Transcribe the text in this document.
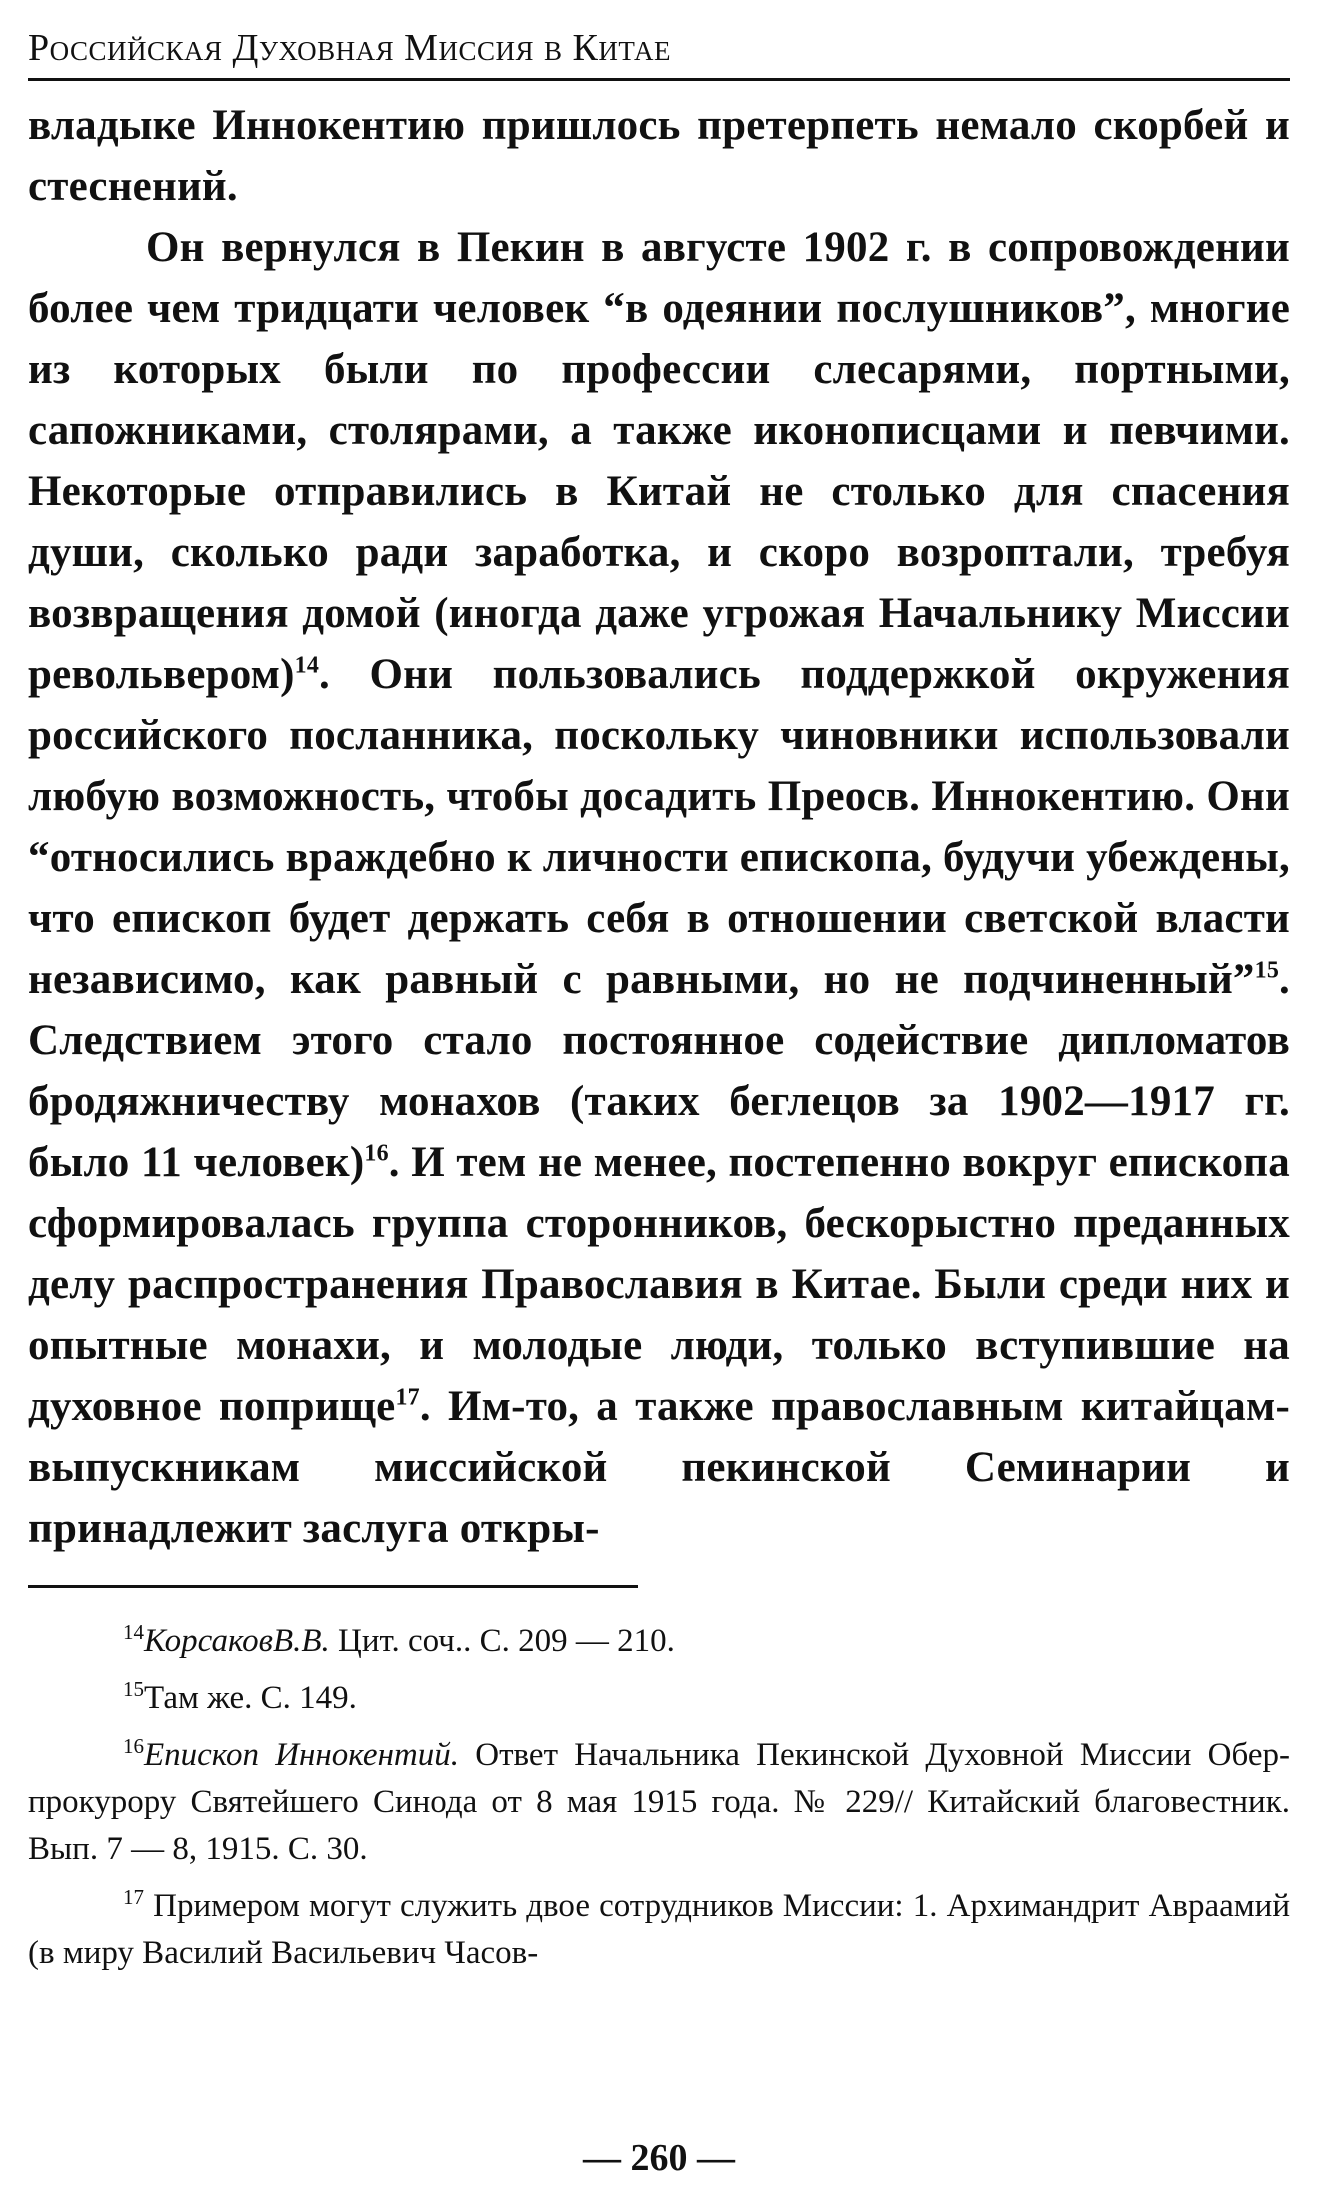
Российская Духовная Миссия в Китае

владыке Иннокентию пришлось претерпеть немало скорбей и стеснений.

Он вернулся в Пекин в августе 1902 г. в сопровождении более чем тридцати человек “в одеянии послушников”, многие из которых были по профессии слесарями, портными, сапожниками, столярами, а также иконописцами и певчими. Некоторые отправились в Китай не столько для спасения души, сколько ради заработка, и скоро возроптали, требуя возвращения домой (иногда даже угрожая Начальнику Миссии револьвером)$^{14}$. Они пользовались поддержкой окружения российского посланника, поскольку чиновники использовали любую возможность, чтобы досадить Преосв. Иннокентию. Они “относились враждебно к личности епископа, будучи убеждены, что епископ будет держать себя в отношении светской власти независимо, как равный с равными, но не подчиненный”$^{15}$. Следствием этого стало постоянное содействие дипломатов бродяжничеству монахов (таких беглецов за 1902—1917 гг. было 11 человек)$^{16}$. И тем не менее, постепенно вокруг епископа сформировалась группа сторонников, бескорыстно преданных делу распространения Православия в Китае. Были среди них и опытные монахи, и молодые люди, только вступившие на духовное поприще$^{17}$. Им-то, а также православным китайцам-выпускникам миссийской пекинской Семинарии и принадлежит заслуга откры-

$^{14}$КорсаковВ.В. Цит. соч.. С. 209 — 210.

$^{15}$Там же. С. 149.

$^{16}$Епископ Иннокентий. Ответ Начальника Пекинской Духовной Миссии Обер-прокурору Святейшего Синода от 8 мая 1915 года. № 229// Китайский благовестник. Вып. 7 — 8, 1915. С. 30.

$^{17}$ Примером могут служить двое сотрудников Миссии: 1. Архимандрит Авраамий (в миру Василий Васильевич Часов-

— 260 —
